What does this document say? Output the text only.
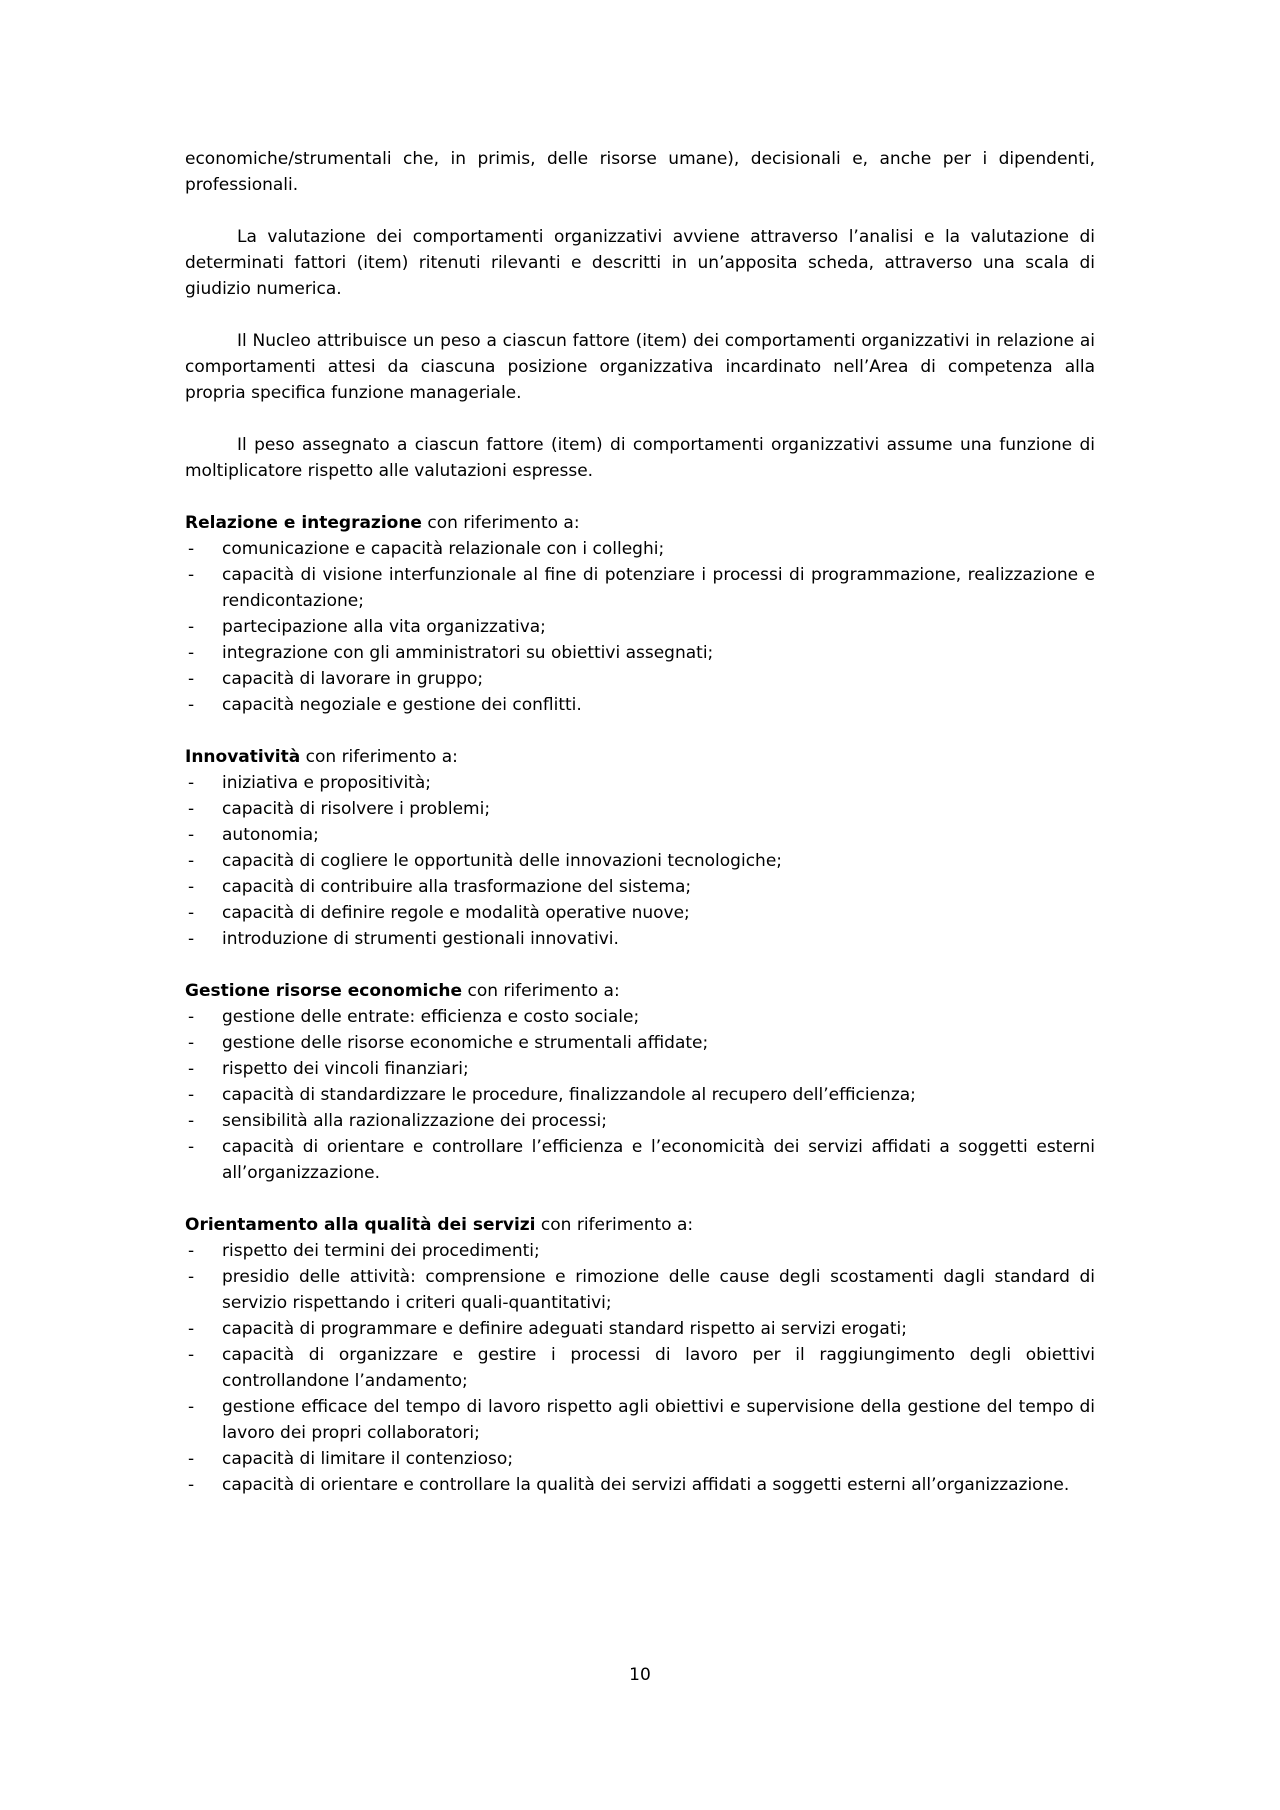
economiche/strumentali che, in primis, delle risorse umane), decisionali e, anche per i dipendenti, professionali.

La valutazione dei comportamenti organizzativi avviene attraverso l’analisi e la valutazione di determinati fattori (item) ritenuti rilevanti e descritti in un’apposita scheda, attraverso una scala di giudizio numerica.

Il Nucleo attribuisce un peso a ciascun fattore (item) dei comportamenti organizzativi in relazione ai comportamenti attesi da ciascuna posizione organizzativa incardinato nell’Area di competenza alla propria specifica funzione manageriale.

Il peso assegnato a ciascun fattore (item) di comportamenti organizzativi assume una funzione di moltiplicatore rispetto alle valutazioni espresse.

Relazione e integrazione con riferimento a:

- comunicazione e capacità relazionale con i colleghi;
- capacità di visione interfunzionale al fine di potenziare i processi di programmazione, realizzazione e rendicontazione;
- partecipazione alla vita organizzativa;
- integrazione con gli amministratori su obiettivi assegnati;
- capacità di lavorare in gruppo;
- capacità negoziale e gestione dei conflitti.

Innovatività con riferimento a:

- iniziativa e propositività;
- capacità di risolvere i problemi;
- autonomia;
- capacità di cogliere le opportunità delle innovazioni tecnologiche;
- capacità di contribuire alla trasformazione del sistema;
- capacità di definire regole e modalità operative nuove;
- introduzione di strumenti gestionali innovativi.

Gestione risorse economiche con riferimento a:

- gestione delle entrate: efficienza e costo sociale;
- gestione delle risorse economiche e strumentali affidate;
- rispetto dei vincoli finanziari;
- capacità di standardizzare le procedure, finalizzandole al recupero dell’efficienza;
- sensibilità alla razionalizzazione dei processi;
- capacità di orientare e controllare l’efficienza e l’economicità dei servizi affidati a soggetti esterni all’organizzazione.

Orientamento alla qualità dei servizi con riferimento a:

- rispetto dei termini dei procedimenti;
- presidio delle attività: comprensione e rimozione delle cause degli scostamenti dagli standard di servizio rispettando i criteri quali-quantitativi;
- capacità di programmare e definire adeguati standard rispetto ai servizi erogati;
- capacità di organizzare e gestire i processi di lavoro per il raggiungimento degli obiettivi controllandone l’andamento;
- gestione efficace del tempo di lavoro rispetto agli obiettivi e supervisione della gestione del tempo di lavoro dei propri collaboratori;
- capacità di limitare il contenzioso;
- capacità di orientare e controllare la qualità dei servizi affidati a soggetti esterni all’organizzazione.
10
